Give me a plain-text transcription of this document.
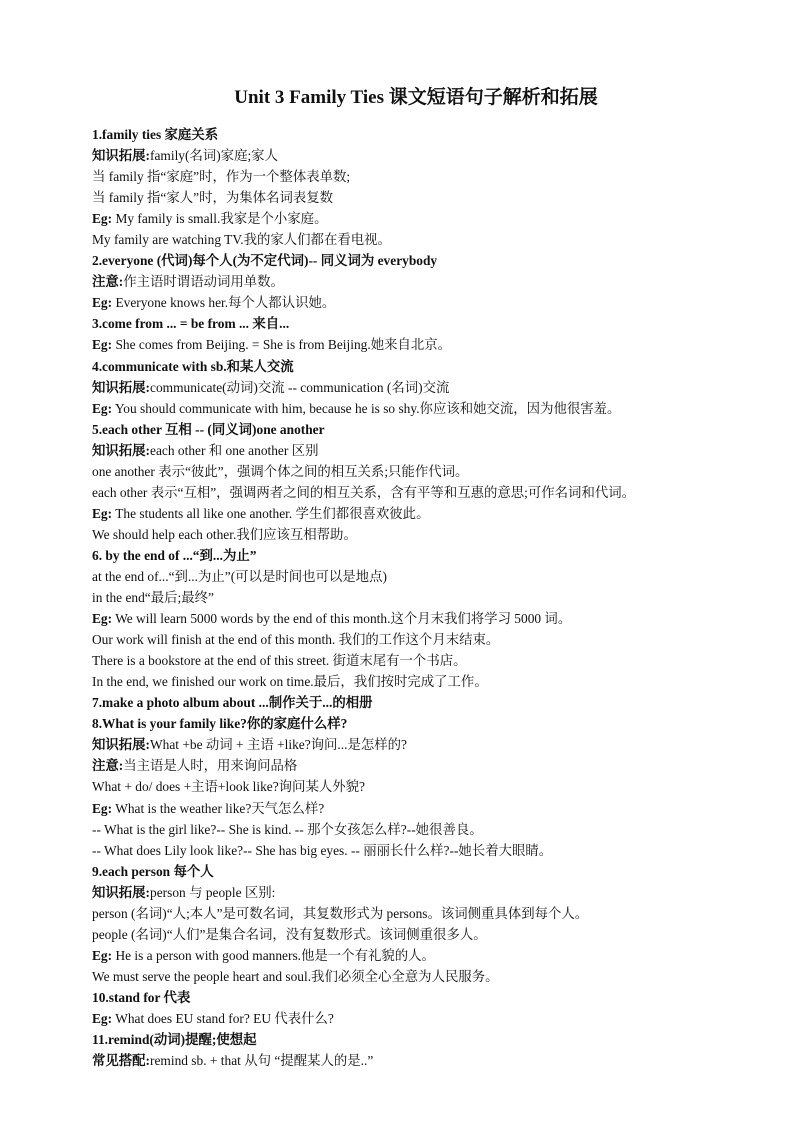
Unit 3 Family Ties 课文短语句子解析和拓展
1.family ties 家庭关系
知识拓展:family(名词)家庭;家人
当 family 指“家庭”时，作为一个整体表单数;
当 family 指“家人”时，为集体名词表复数
Eg: My family is small.我家是个小家庭。
My family are watching TV.我的家人们都在看电视。
2.everyone (代词)每个人(为不定代词)-- 同义词为 everybody
注意:作主语时谓语动词用单数。
Eg: Everyone knows her.每个人都认识她。
3.come from ... = be from ... 来自...
Eg: She comes from Beijing. = She is from Beijing.她来自北京。
4.communicate with sb.和某人交流
知识拓展:communicate(动词)交流 -- communication (名词)交流
Eg: You should communicate with him, because he is so shy.你应该和她交流，因为他很害羞。
5.each other 互相 -- (同义词)one another
知识拓展:each other 和 one another 区别
one another 表示“彼此”，强调个体之间的相互关系;只能作代词。
each other 表示“互相”，强调两者之间的相互关系，含有平等和互惠的意思;可作名词和代词。
Eg: The students all like one another. 学生们都很喜欢彼此。
We should help each other.我们应该互相帮助。
6. by the end of ...“到...为止”
at the end of...“到...为止”(可以是时间也可以是地点)
in the end“最后;最终”
Eg: We will learn 5000 words by the end of this month.这个月末我们将学习 5000 词。
Our work will finish at the end of this month. 我们的工作这个月末结束。
There is a bookstore at the end of this street. 街道末尾有一个书店。
In the end, we finished our work on time.最后，我们按时完成了工作。
7.make a photo album about ...制作关于...的相册
8.What is your family like?你的家庭什么样?
知识拓展:What +be 动词 + 主语 +like?询问...是怎样的?
注意:当主语是人时，用来询问品格
What + do/ does +主语+look like?询问某人外貌?
Eg: What is the weather like?天气怎么样?
-- What is the girl like?-- She is kind. -- 那个女孩怎么样?--她很善良。
-- What does Lily look like?-- She has big eyes. -- 丽丽长什么样?--她长着大眼睛。
9.each person 每个人
知识拓展:person 与 people 区别:
person (名词)“人;本人”是可数名词，其复数形式为 persons。该词侧重具体到每个人。
people (名词)“人们”是集合名词，没有复数形式。该词侧重很多人。
Eg: He is a person with good manners.他是一个有礼貌的人。
We must serve the people heart and soul.我们必须全心全意为人民服务。
10.stand for 代表
Eg: What does EU stand for? EU 代表什么?
11.remind(动词)提醒;使想起
常见搭配:remind sb. + that 从句 “提醒某人的是..”
